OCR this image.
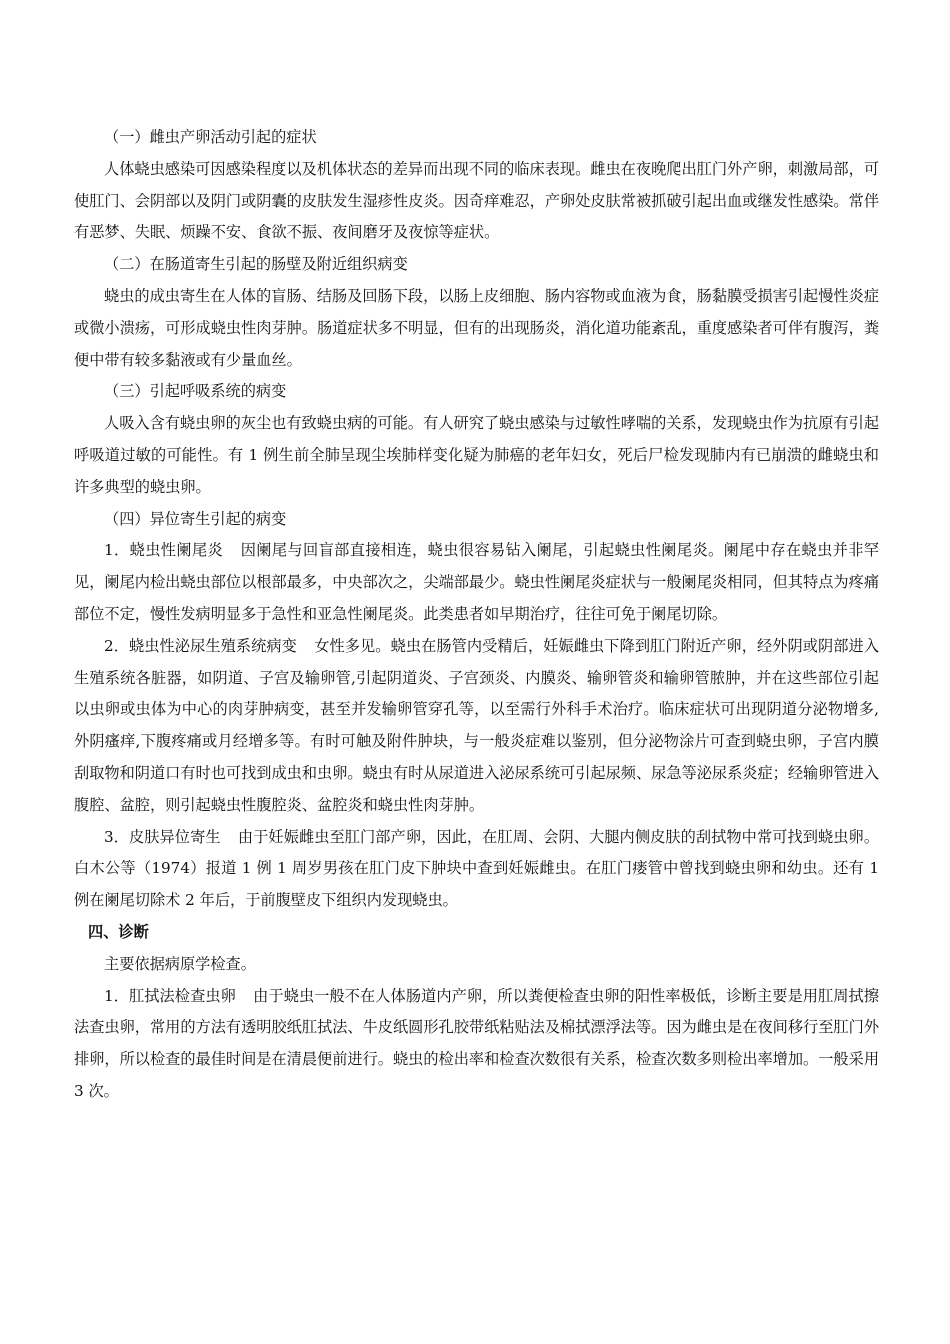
（一）雌虫产卵活动引起的症状

人体蛲虫感染可因感染程度以及机体状态的差异而出现不同的临床表现。雌虫在夜晚爬出肛门外产卵，刺激局部，可使肛门、会阴部以及阴门或阴囊的皮肤发生湿疹性皮炎。因奇痒难忍，产卵处皮肤常被抓破引起出血或继发性感染。常伴有恶梦、失眠、烦躁不安、食欲不振、夜间磨牙及夜惊等症状。

（二）在肠道寄生引起的肠壁及附近组织病变

蛲虫的成虫寄生在人体的盲肠、结肠及回肠下段，以肠上皮细胞、肠内容物或血液为食，肠黏膜受损害引起慢性炎症或微小溃疡，可形成蛲虫性肉芽肿。肠道症状多不明显，但有的出现肠炎，消化道功能紊乱，重度感染者可伴有腹泻，粪便中带有较多黏液或有少量血丝。

（三）引起呼吸系统的病变

人吸入含有蛲虫卵的灰尘也有致蛲虫病的可能。有人研究了蛲虫感染与过敏性哮喘的关系，发现蛲虫作为抗原有引起呼吸道过敏的可能性。有 1 例生前全肺呈现尘埃肺样变化疑为肺癌的老年妇女，死后尸检发现肺内有已崩溃的雌蛲虫和许多典型的蛲虫卵。

（四）异位寄生引起的病变

1．蛲虫性阑尾炎　 因阑尾与回盲部直接相连，蛲虫很容易钻入阑尾，引起蛲虫性阑尾炎。阑尾中存在蛲虫并非罕见，阑尾内检出蛲虫部位以根部最多，中央部次之，尖端部最少。蛲虫性阑尾炎症状与一般阑尾炎相同，但其特点为疼痛部位不定，慢性发病明显多于急性和亚急性阑尾炎。此类患者如早期治疗，往往可免于阑尾切除。

2．蛲虫性泌尿生殖系统病变　 女性多见。蛲虫在肠管内受精后，妊娠雌虫下降到肛门附近产卵，经外阴或阴部进入生殖系统各脏器，如阴道、子宫及输卵管,引起阴道炎、子宫颈炎、内膜炎、输卵管炎和输卵管脓肿，并在这些部位引起以虫卵或虫体为中心的肉芽肿病变，甚至并发输卵管穿孔等，以至需行外科手术治疗。临床症状可出现阴道分泌物增多,外阴瘙痒,下腹疼痛或月经增多等。有时可触及附件肿块，与一般炎症难以鉴别，但分泌物涂片可查到蛲虫卵，子宫内膜刮取物和阴道口有时也可找到成虫和虫卵。蛲虫有时从尿道进入泌尿系统可引起尿频、尿急等泌尿系炎症；经输卵管进入腹腔、盆腔，则引起蛲虫性腹腔炎、盆腔炎和蛲虫性肉芽肿。

3．皮肤异位寄生　 由于妊娠雌虫至肛门部产卵，因此，在肛周、会阴、大腿内侧皮肤的刮拭物中常可找到蛲虫卵。白木公等（1974）报道 1 例 1 周岁男孩在肛门皮下肿块中查到妊娠雌虫。在肛门瘘管中曾找到蛲虫卵和幼虫。还有 1 例在阑尾切除术 2 年后，于前腹壁皮下组织内发现蛲虫。

四、诊断

主要依据病原学检查。

1．肛拭法检查虫卵　 由于蛲虫一般不在人体肠道内产卵，所以粪便检查虫卵的阳性率极低，诊断主要是用肛周拭擦法查虫卵，常用的方法有透明胶纸肛拭法、牛皮纸圆形孔胶带纸粘贴法及棉拭漂浮法等。因为雌虫是在夜间移行至肛门外排卵，所以检查的最佳时间是在清晨便前进行。蛲虫的检出率和检查次数很有关系，检查次数多则检出率增加。一般采用 3 次。
